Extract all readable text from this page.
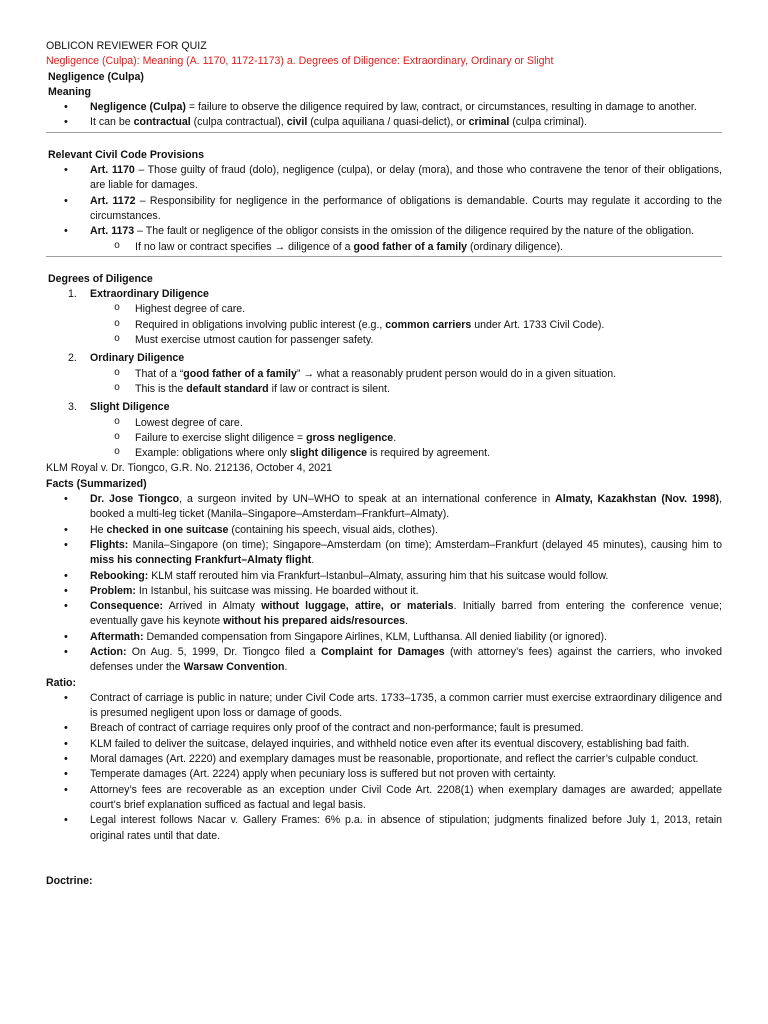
OBLICON REVIEWER FOR QUIZ
Negligence (Culpa): Meaning (A. 1170, 1172-1173) a. Degrees of Diligence: Extraordinary, Ordinary or Slight
Negligence (Culpa)
Meaning
• Negligence (Culpa) = failure to observe the diligence required by law, contract, or circumstances, resulting in damage to another.
• It can be contractual (culpa contractual), civil (culpa aquiliana / quasi-delict), or criminal (culpa criminal).
Relevant Civil Code Provisions
• Art. 1170 – Those guilty of fraud (dolo), negligence (culpa), or delay (mora), and those who contravene the tenor of their obligations, are liable for damages.
• Art. 1172 – Responsibility for negligence in the performance of obligations is demandable. Courts may regulate it according to the circumstances.
• Art. 1173 – The fault or negligence of the obligor consists in the omission of the diligence required by the nature of the obligation.
o If no law or contract specifies → diligence of a good father of a family (ordinary diligence).
Degrees of Diligence
1. Extraordinary Diligence
o Highest degree of care.
o Required in obligations involving public interest (e.g., common carriers under Art. 1733 Civil Code).
o Must exercise utmost caution for passenger safety.
2. Ordinary Diligence
o That of a “good father of a family” → what a reasonably prudent person would do in a given situation.
o This is the default standard if law or contract is silent.
3. Slight Diligence
o Lowest degree of care.
o Failure to exercise slight diligence = gross negligence.
o Example: obligations where only slight diligence is required by agreement.
KLM Royal v. Dr. Tiongco, G.R. No. 212136, October 4, 2021
Facts (Summarized)
• Dr. Jose Tiongco, a surgeon invited by UN–WHO to speak at an international conference in Almaty, Kazakhstan (Nov. 1998), booked a multi-leg ticket (Manila–Singapore–Amsterdam–Frankfurt–Almaty).
• He checked in one suitcase (containing his speech, visual aids, clothes).
• Flights: Manila–Singapore (on time); Singapore–Amsterdam (on time); Amsterdam–Frankfurt (delayed 45 minutes), causing him to miss his connecting Frankfurt–Almaty flight.
• Rebooking: KLM staff rerouted him via Frankfurt–Istanbul–Almaty, assuring him that his suitcase would follow.
• Problem: In Istanbul, his suitcase was missing. He boarded without it.
• Consequence: Arrived in Almaty without luggage, attire, or materials. Initially barred from entering the conference venue; eventually gave his keynote without his prepared aids/resources.
• Aftermath: Demanded compensation from Singapore Airlines, KLM, Lufthansa. All denied liability (or ignored).
• Action: On Aug. 5, 1999, Dr. Tiongco filed a Complaint for Damages (with attorney’s fees) against the carriers, who invoked defenses under the Warsaw Convention.
Ratio:
• Contract of carriage is public in nature; under Civil Code arts. 1733–1735, a common carrier must exercise extraordinary diligence and is presumed negligent upon loss or damage of goods.
• Breach of contract of carriage requires only proof of the contract and non-performance; fault is presumed.
• KLM failed to deliver the suitcase, delayed inquiries, and withheld notice even after its eventual discovery, establishing bad faith.
• Moral damages (Art. 2220) and exemplary damages must be reasonable, proportionate, and reflect the carrier’s culpable conduct.
• Temperate damages (Art. 2224) apply when pecuniary loss is suffered but not proven with certainty.
• Attorney’s fees are recoverable as an exception under Civil Code Art. 2208(1) when exemplary damages are awarded; appellate court’s brief explanation sufficed as factual and legal basis.
• Legal interest follows Nacar v. Gallery Frames: 6% p.a. in absence of stipulation; judgments finalized before July 1, 2013, retain original rates until that date.
Doctrine:
